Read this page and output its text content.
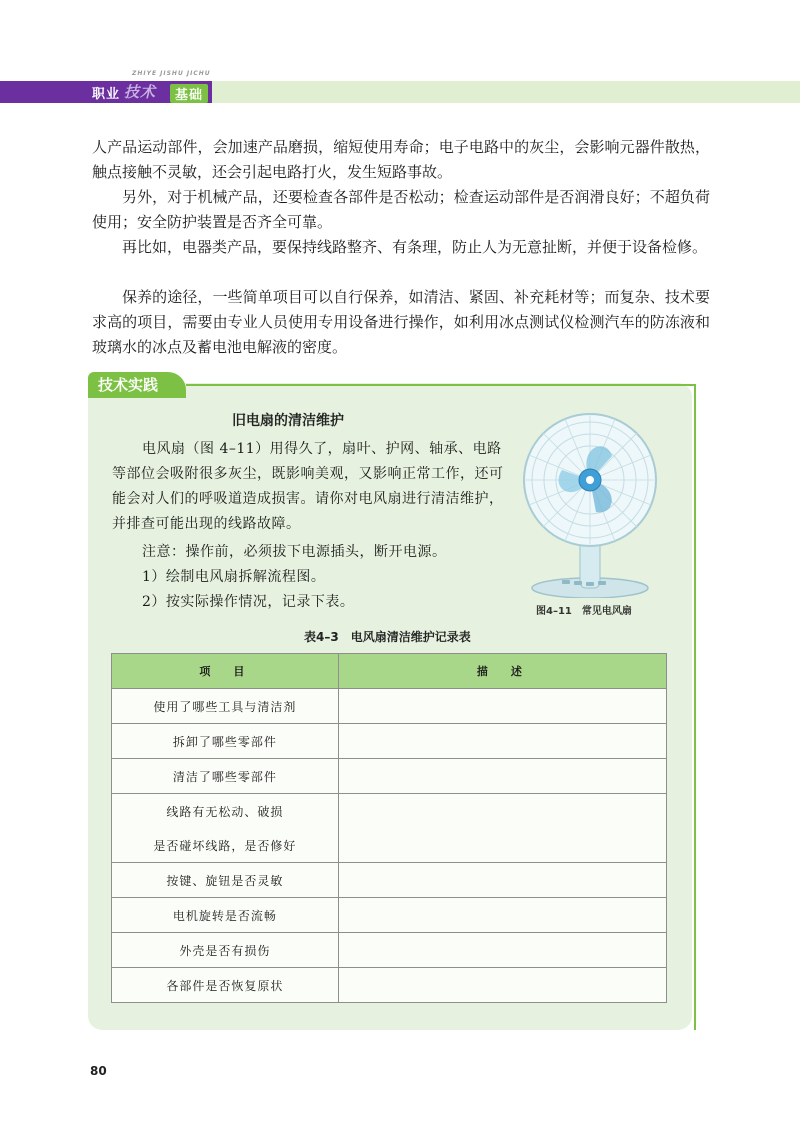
ZHIYE JISHU JICHU
职业 技术	基础

人产品运动部件，会加速产品磨损，缩短使用寿命；电子电路中的灰尘，会影响元器件散热，触点接触不灵敏，还会引起电路打火，发生短路事故。

另外，对于机械产品，还要检查各部件是否松动；检查运动部件是否润滑良好；不超负荷使用；安全防护装置是否齐全可靠。

再比如，电器类产品，要保持线路整齐、有条理，防止人为无意扯断，并便于设备检修。

保养的途径，一些简单项目可以自行保养，如清洁、紧固、补充耗材等；而复杂、技术要求高的项目，需要由专业人员使用专用设备进行操作，如利用冰点测试仪检测汽车的防冻液和玻璃水的冰点及蓄电池电解液的密度。

技术实践
旧电扇的清洁维护

电风扇（图 4–11）用得久了，扇叶、护网、轴承、电路等部位会吸附很多灰尘，既影响美观，又影响正常工作，还可能会对人们的呼吸道造成损害。请你对电风扇进行清洁维护，并排查可能出现的线路故障。

注意：操作前，必须拔下电源插头，断开电源。

1）绘制电风扇拆解流程图。

2）按实际操作情况，记录下表。

图4–11　常见电风扇
表4–3　电风扇清洁维护记录表
项　目	描　述
使用了哪些工具与清洁剂	
拆卸了哪些零部件	
清洁了哪些零部件	

线路有无松动、破损
是否碰坏线路，是否修好	

按键、旋钮是否灵敏	
电机旋转是否流畅	
外壳是否有损伤	
各部件是否恢复原状	
80
